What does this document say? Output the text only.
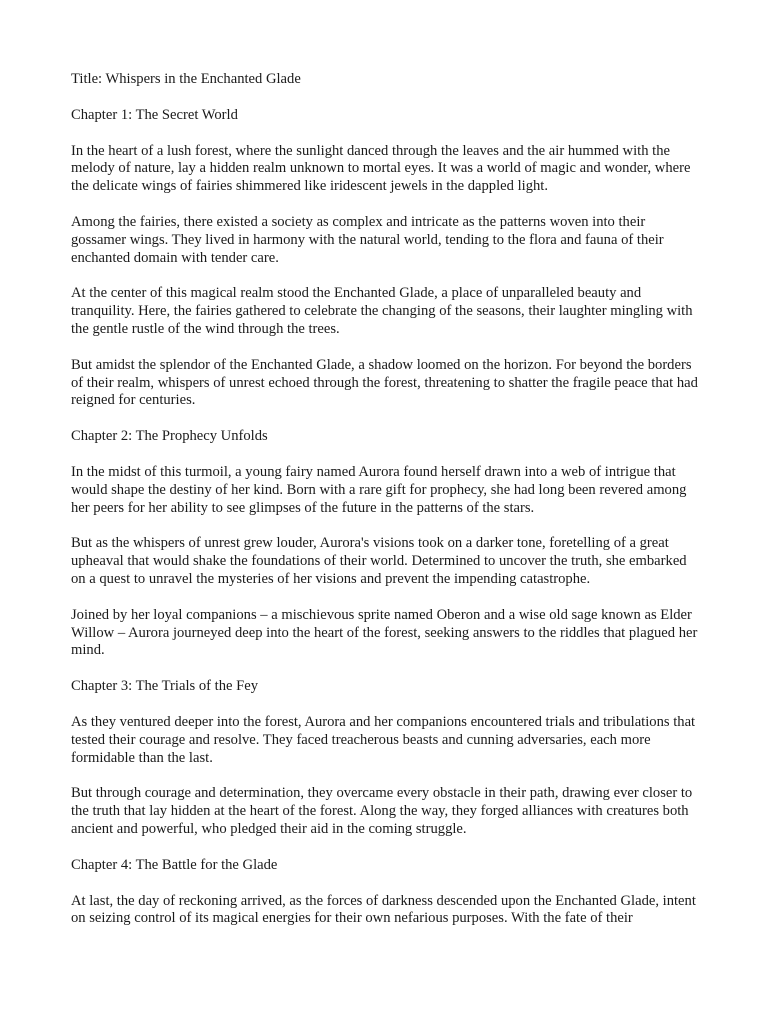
Title: Whispers in the Enchanted Glade

Chapter 1: The Secret World

In the heart of a lush forest, where the sunlight danced through the leaves and the air hummed with the melody of nature, lay a hidden realm unknown to mortal eyes. It was a world of magic and wonder, where the delicate wings of fairies shimmered like iridescent jewels in the dappled light.

Among the fairies, there existed a society as complex and intricate as the patterns woven into their gossamer wings. They lived in harmony with the natural world, tending to the flora and fauna of their enchanted domain with tender care.

At the center of this magical realm stood the Enchanted Glade, a place of unparalleled beauty and tranquility. Here, the fairies gathered to celebrate the changing of the seasons, their laughter mingling with the gentle rustle of the wind through the trees.

But amidst the splendor of the Enchanted Glade, a shadow loomed on the horizon. For beyond the borders of their realm, whispers of unrest echoed through the forest, threatening to shatter the fragile peace that had reigned for centuries.

Chapter 2: The Prophecy Unfolds

In the midst of this turmoil, a young fairy named Aurora found herself drawn into a web of intrigue that would shape the destiny of her kind. Born with a rare gift for prophecy, she had long been revered among her peers for her ability to see glimpses of the future in the patterns of the stars.

But as the whispers of unrest grew louder, Aurora's visions took on a darker tone, foretelling of a great upheaval that would shake the foundations of their world. Determined to uncover the truth, she embarked on a quest to unravel the mysteries of her visions and prevent the impending catastrophe.

Joined by her loyal companions – a mischievous sprite named Oberon and a wise old sage known as Elder Willow – Aurora journeyed deep into the heart of the forest, seeking answers to the riddles that plagued her mind.

Chapter 3: The Trials of the Fey

As they ventured deeper into the forest, Aurora and her companions encountered trials and tribulations that tested their courage and resolve. They faced treacherous beasts and cunning adversaries, each more formidable than the last.

But through courage and determination, they overcame every obstacle in their path, drawing ever closer to the truth that lay hidden at the heart of the forest. Along the way, they forged alliances with creatures both ancient and powerful, who pledged their aid in the coming struggle.

Chapter 4: The Battle for the Glade

At last, the day of reckoning arrived, as the forces of darkness descended upon the Enchanted Glade, intent on seizing control of its magical energies for their own nefarious purposes. With the fate of their
